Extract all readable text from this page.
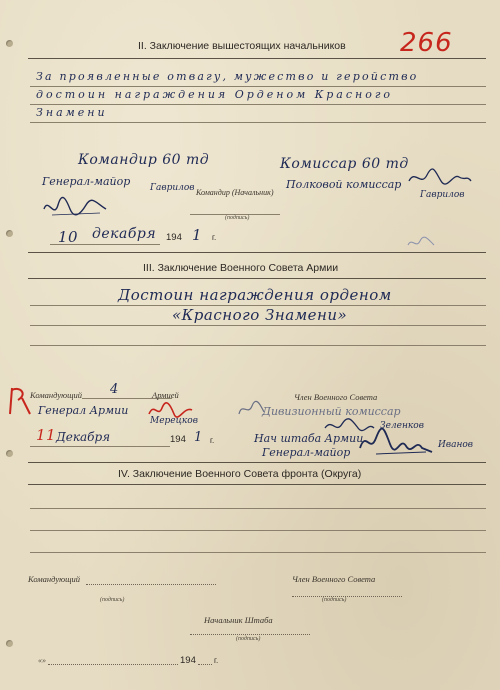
266
II. Заключение вышестоящих начальников
За проявленные отвагу, мужество и геройство
достоин награждения Орденом Красного
Знамени
Командир 60 тд
Генерал-майор Гаврилов Командир (Начальник)
Комиссар 60 тд
Полковой комиссар
Гаврилов
(подпись)
10 декабря 194 1 г.
III. Заключение Военного Совета Армии
Достоин награждения орденом
«Красного Знамени»
Командующий 4	Армией
Генерал Армии
Мерецков
Член Военного Совета
Дивизионный комиссар
Зеленков
11 Декабря	194 1 г.	Нач штаба Армии
Генерал-майор
Иванов
IV. Заключение Военного Совета фронта (Округа)
Командующий
(подпись)
Член Военного Совета
(подпись)
Начальник Штаба
(подпись)
«»	194 г.
